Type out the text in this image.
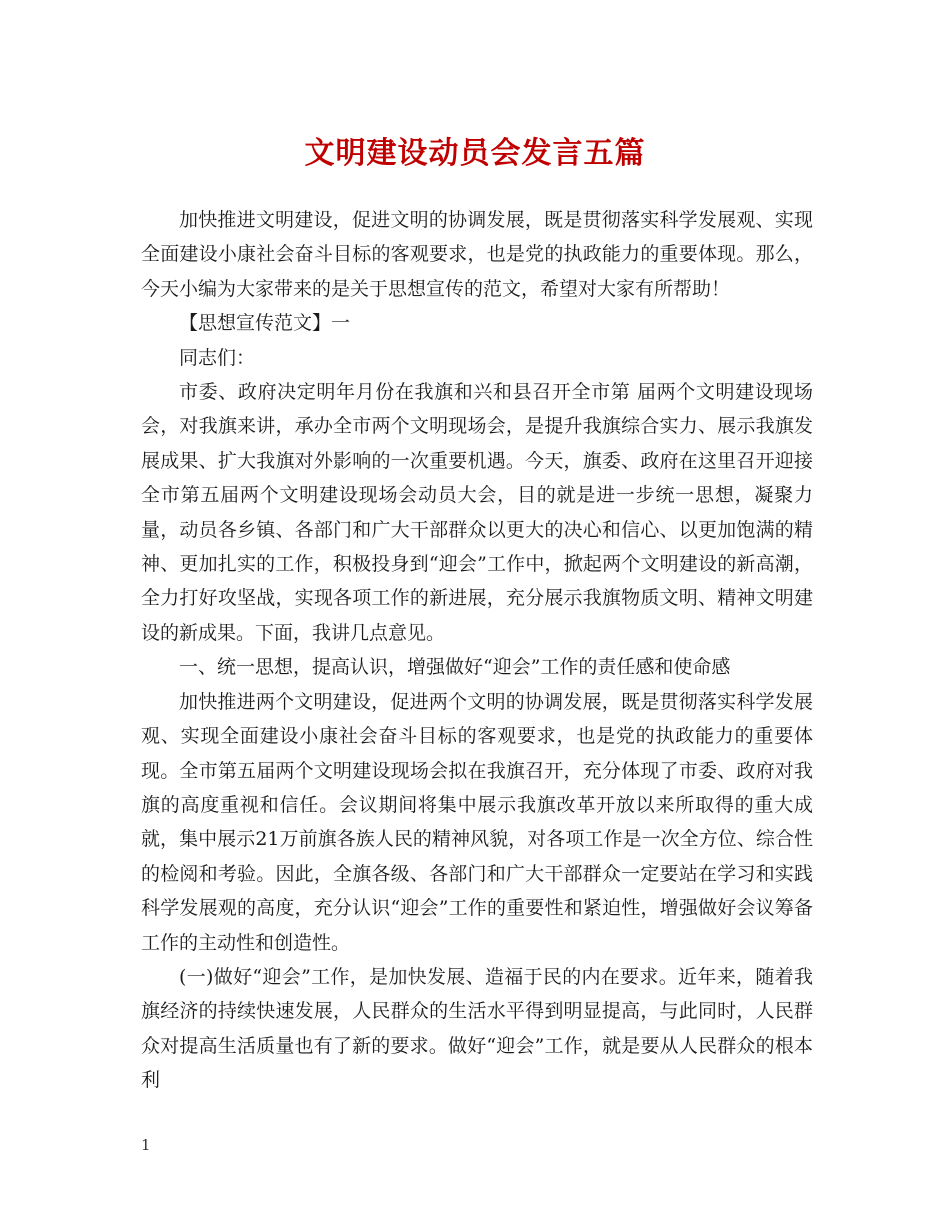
文明建设动员会发言五篇

加快推进文明建设，促进文明的协调发展，既是贯彻落实科学发展观、实现全面建设小康社会奋斗目标的客观要求，也是党的执政能力的重要体现。那么，今天小编为大家带来的是关于思想宣传的范文，希望对大家有所帮助！

【思想宣传范文】一

同志们：

市委、政府决定明年月份在我旗和兴和县召开全市第 届两个文明建设现场会，对我旗来讲，承办全市两个文明现场会，是提升我旗综合实力、展示我旗发展成果、扩大我旗对外影响的一次重要机遇。今天，旗委、政府在这里召开迎接全市第五届两个文明建设现场会动员大会，目的就是进一步统一思想，凝聚力量，动员各乡镇、各部门和广大干部群众以更大的决心和信心、以更加饱满的精神、更加扎实的工作，积极投身到“迎会”工作中，掀起两个文明建设的新高潮，全力打好攻坚战，实现各项工作的新进展，充分展示我旗物质文明、精神文明建设的新成果。下面，我讲几点意见。

一、统一思想，提高认识，增强做好“迎会”工作的责任感和使命感

加快推进两个文明建设，促进两个文明的协调发展，既是贯彻落实科学发展观、实现全面建设小康社会奋斗目标的客观要求，也是党的执政能力的重要体现。全市第五届两个文明建设现场会拟在我旗召开，充分体现了市委、政府对我旗的高度重视和信任。会议期间将集中展示我旗改革开放以来所取得的重大成就，集中展示21万前旗各族人民的精神风貌，对各项工作是一次全方位、综合性的检阅和考验。因此，全旗各级、各部门和广大干部群众一定要站在学习和实践科学发展观的高度，充分认识“迎会”工作的重要性和紧迫性，增强做好会议筹备工作的主动性和创造性。

(一)做好“迎会”工作，是加快发展、造福于民的内在要求。近年来，随着我旗经济的持续快速发展，人民群众的生活水平得到明显提高，与此同时，人民群众对提高生活质量也有了新的要求。做好“迎会”工作，就是要从人民群众的根本利

1
